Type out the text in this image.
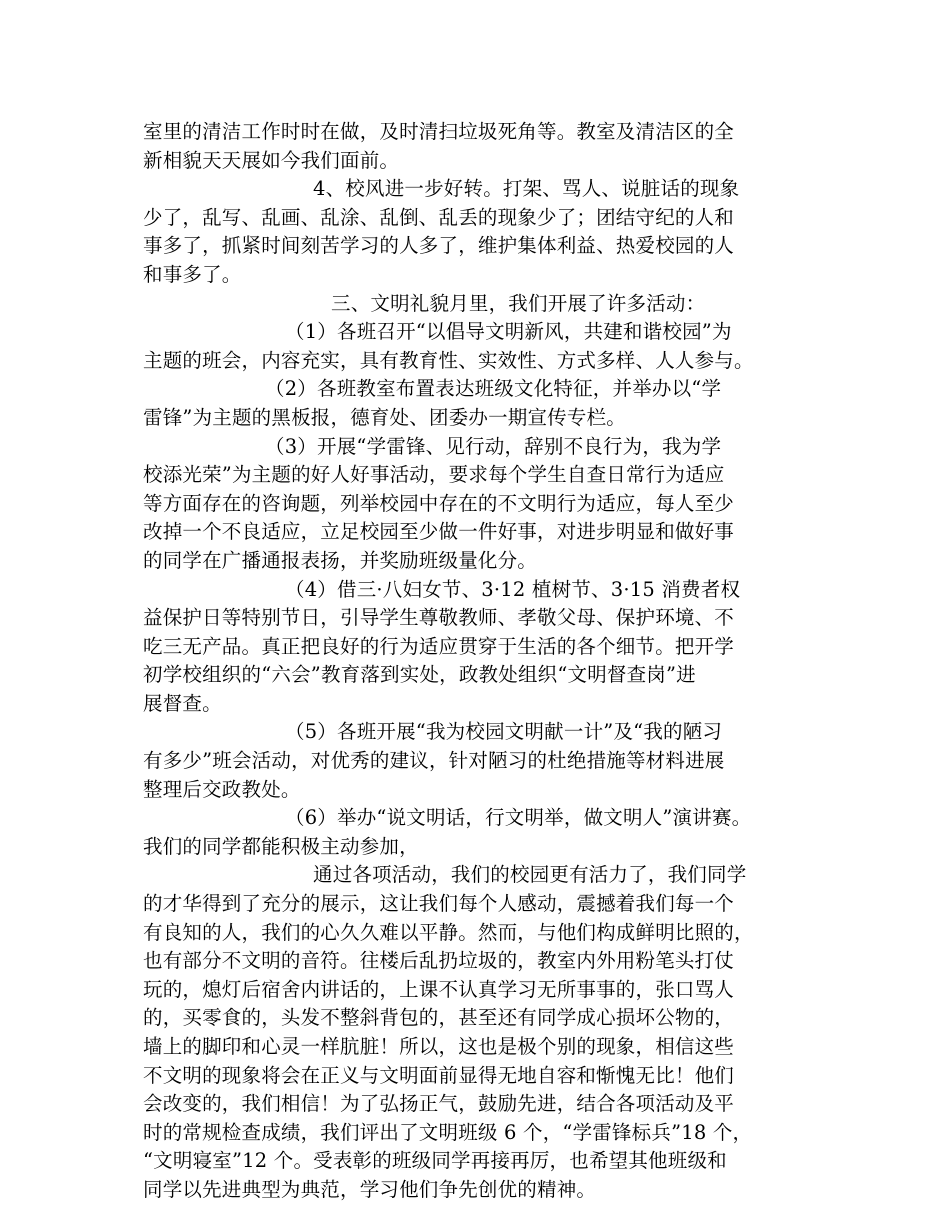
室里的清洁工作时时在做，及时清扫垃圾死角等。教室及清洁区的全
新相貌天天展如今我们面前。
4、校风进一步好转。打架、骂人、说脏话的现象
少了，乱写、乱画、乱涂、乱倒、乱丢的现象少了；团结守纪的人和
事多了，抓紧时间刻苦学习的人多了，维护集体利益、热爱校园的人
和事多了。
三、文明礼貌月里，我们开展了许多活动：
（1）各班召开“以倡导文明新风，共建和谐校园”为
主题的班会，内容充实，具有教育性、实效性、方式多样、人人参与。
（2）各班教室布置表达班级文化特征，并举办以“学
雷锋”为主题的黑板报，德育处、团委办一期宣传专栏。
（3）开展“学雷锋、见行动，辞别不良行为，我为学
校添光荣”为主题的好人好事活动，要求每个学生自查日常行为适应
等方面存在的咨询题，列举校园中存在的不文明行为适应，每人至少
改掉一个不良适应，立足校园至少做一件好事，对进步明显和做好事
的同学在广播通报表扬，并奖励班级量化分。
（4）借三·八妇女节、3·12 植树节、3·15 消费者权
益保护日等特别节日，引导学生尊敬教师、孝敬父母、保护环境、不
吃三无产品。真正把良好的行为适应贯穿于生活的各个细节。把开学
初学校组织的“六会”教育落到实处，政教处组织“文明督查岗”进
展督查。
（5）各班开展“我为校园文明献一计”及“我的陋习
有多少”班会活动，对优秀的建议，针对陋习的杜绝措施等材料进展
整理后交政教处。
（6）举办“说文明话，行文明举，做文明人”演讲赛。
我们的同学都能积极主动参加，
通过各项活动，我们的校园更有活力了，我们同学
的才华得到了充分的展示，这让我们每个人感动，震撼着我们每一个
有良知的人，我们的心久久难以平静。然而，与他们构成鲜明比照的，
也有部分不文明的音符。往楼后乱扔垃圾的，教室内外用粉笔头打仗
玩的，熄灯后宿舍内讲话的，上课不认真学习无所事事的，张口骂人
的，买零食的，头发不整斜背包的，甚至还有同学成心损坏公物的，
墙上的脚印和心灵一样肮脏！所以，这也是极个别的现象，相信这些
不文明的现象将会在正义与文明面前显得无地自容和惭愧无比！他们
会改变的，我们相信！为了弘扬正气，鼓励先进，结合各项活动及平
时的常规检查成绩，我们评出了文明班级 6 个，“学雷锋标兵”18 个，
“文明寝室”12 个。受表彰的班级同学再接再厉，也希望其他班级和
同学以先进典型为典范，学习他们争先创优的精神。
